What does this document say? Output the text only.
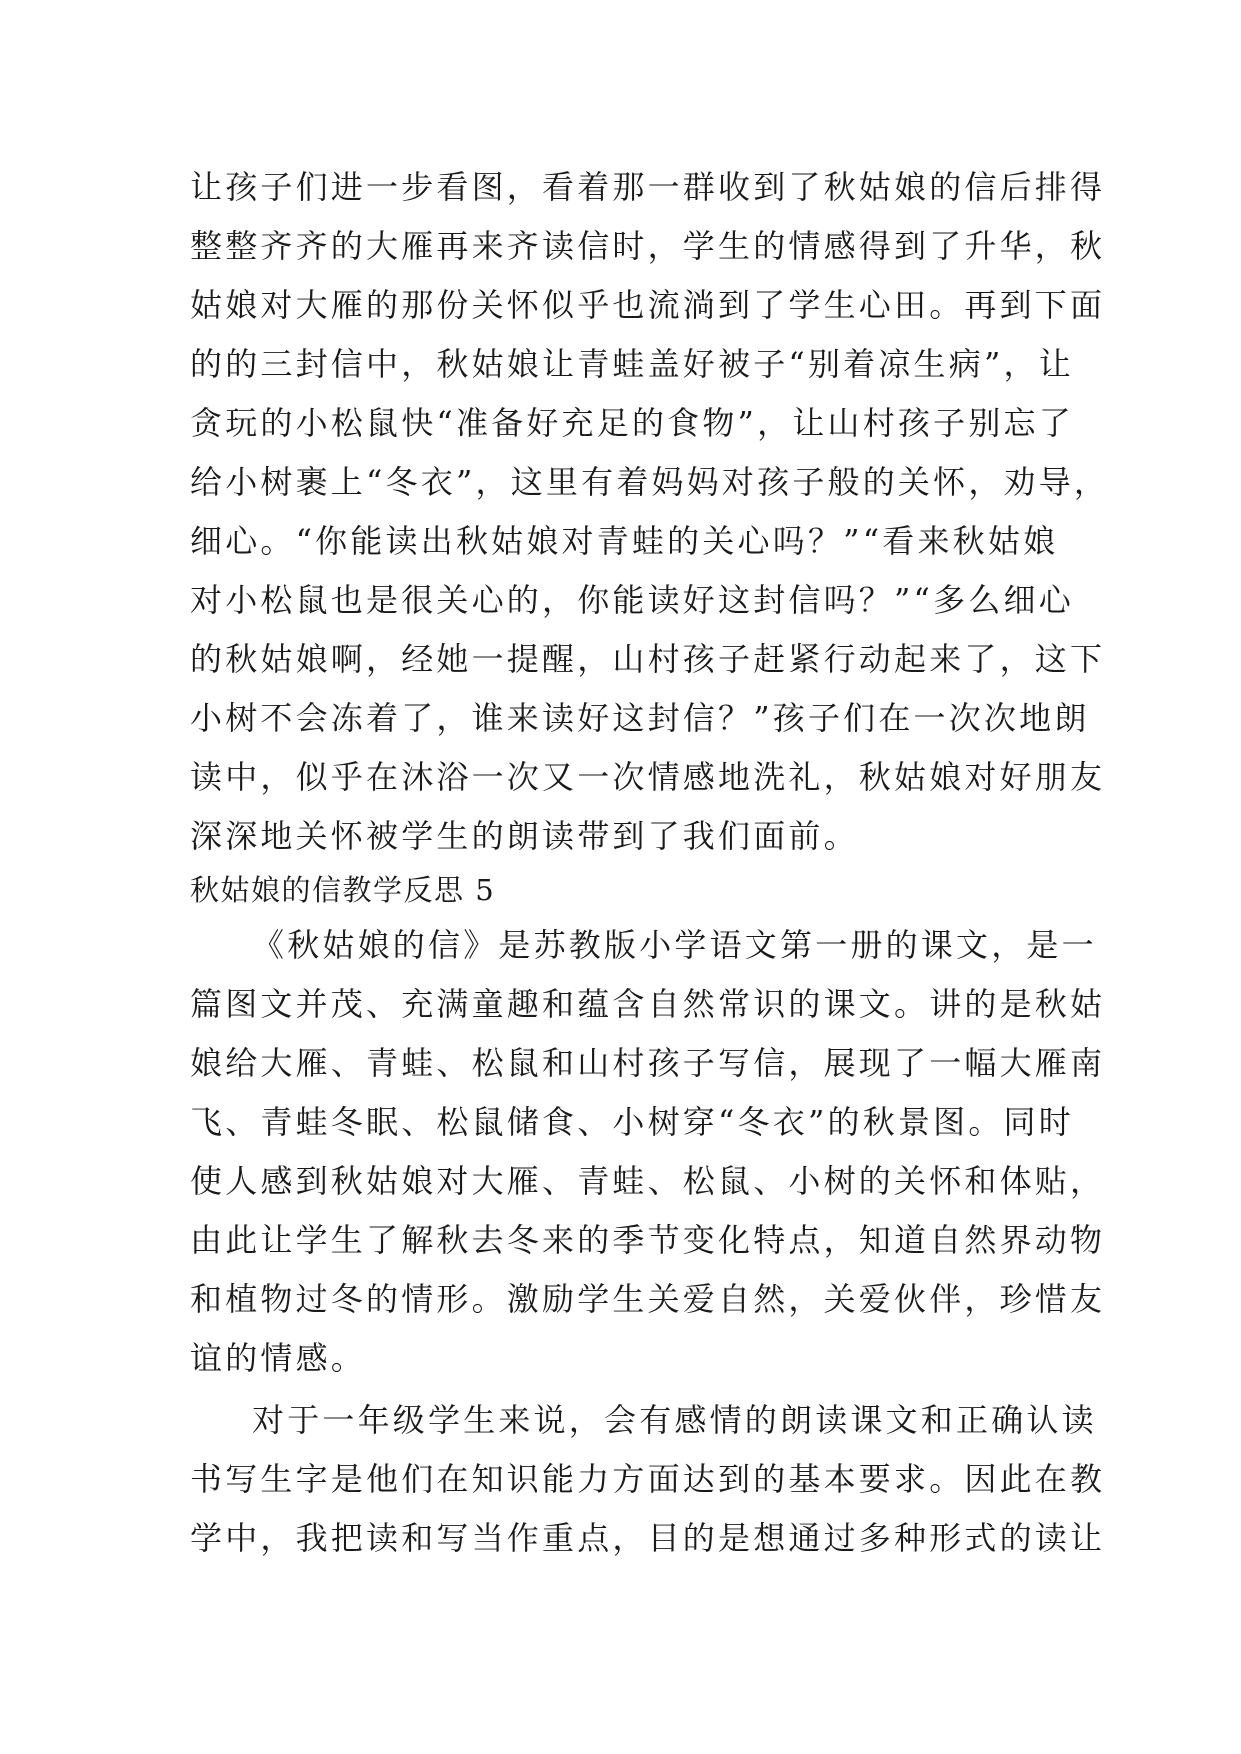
让孩子们进一步看图，看着那一群收到了秋姑娘的信后排得
整整齐齐的大雁再来齐读信时，学生的情感得到了升华，秋
姑娘对大雁的那份关怀似乎也流淌到了学生心田。再到下面
的的三封信中，秋姑娘让青蛙盖好被子“别着凉生病”，让
贪玩的小松鼠快“准备好充足的食物”，让山村孩子别忘了
给小树裹上“冬衣”，这里有着妈妈对孩子般的关怀，劝导，
细心。“你能读出秋姑娘对青蛙的关心吗？”“看来秋姑娘
对小松鼠也是很关心的，你能读好这封信吗？”“多么细心
的秋姑娘啊，经她一提醒，山村孩子赶紧行动起来了，这下
小树不会冻着了，谁来读好这封信？”孩子们在一次次地朗
读中，似乎在沐浴一次又一次情感地洗礼，秋姑娘对好朋友
深深地关怀被学生的朗读带到了我们面前。
秋姑娘的信教学反思 5
《秋姑娘的信》是苏教版小学语文第一册的课文，是一
篇图文并茂、充满童趣和蕴含自然常识的课文。讲的是秋姑
娘给大雁、青蛙、松鼠和山村孩子写信，展现了一幅大雁南
飞、青蛙冬眠、松鼠储食、小树穿“冬衣”的秋景图。同时
使人感到秋姑娘对大雁、青蛙、松鼠、小树的关怀和体贴，
由此让学生了解秋去冬来的季节变化特点，知道自然界动物
和植物过冬的情形。激励学生关爱自然，关爱伙伴，珍惜友
谊的情感。
对于一年级学生来说，会有感情的朗读课文和正确认读
书写生字是他们在知识能力方面达到的基本要求。因此在教
学中，我把读和写当作重点，目的是想通过多种形式的读让
